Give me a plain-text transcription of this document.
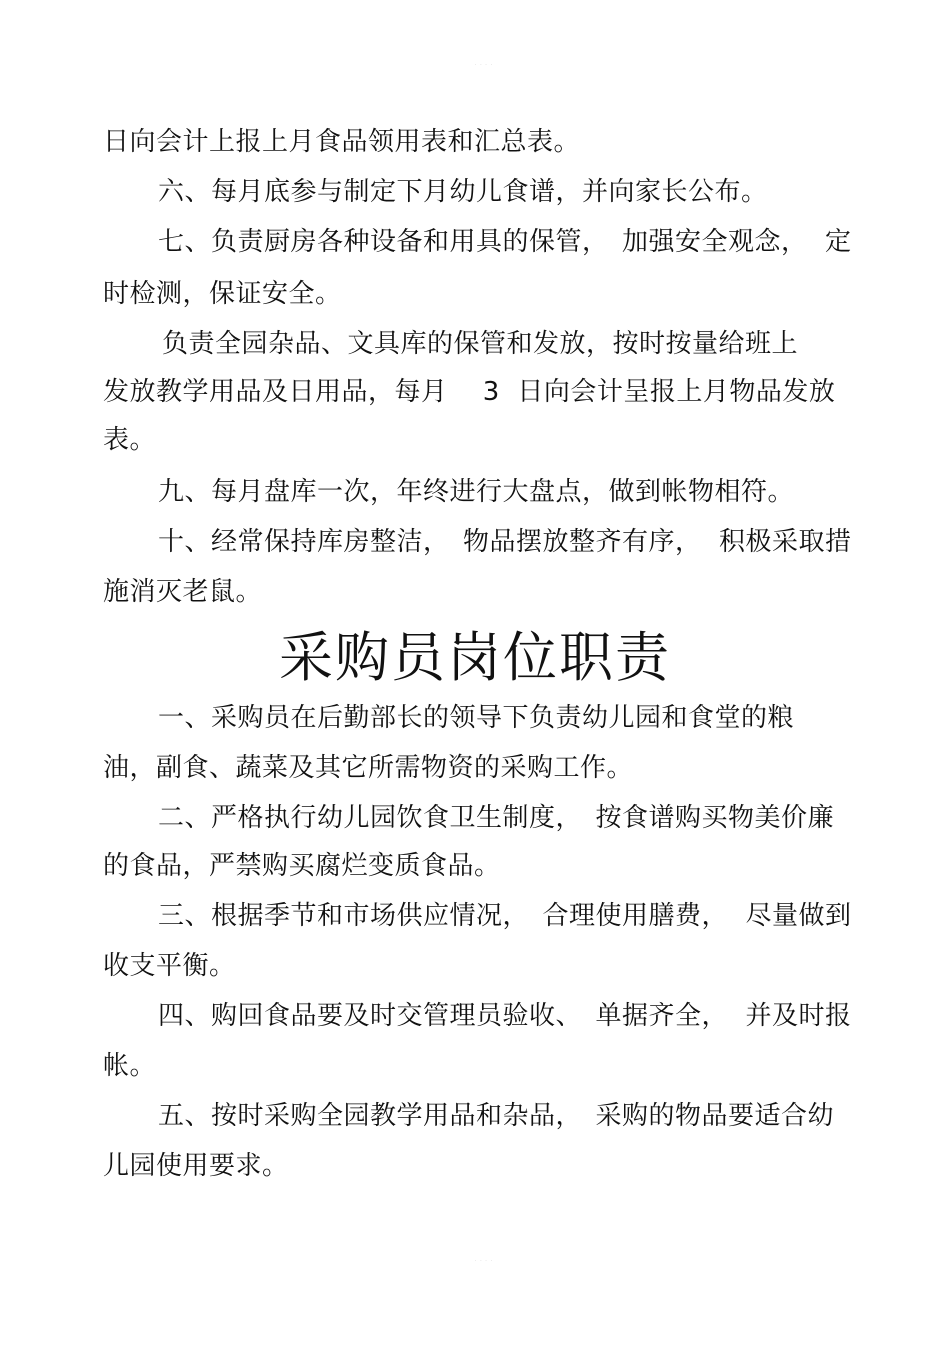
· · · ·
日向会计上报上月食品领用表和汇总表。
六、每月底参与制定下月幼儿食谱，并向家长公布。
七、负责厨房各种设备和用具的保管，　加强安全观念，  定
时检测，保证安全。
负责全园杂品、文具库的保管和发放，按时按量给班上
发放教学用品及日用品，每月　 3  日向会计呈报上月物品发放
表。
九、每月盘库一次，年终进行大盘点，做到帐物相符。
十、经常保持库房整洁，　物品摆放整齐有序，  积极采取措
施消灭老鼠。
采购员岗位职责
一、采购员在后勤部长的领导下负责幼儿园和食堂的粮
油，副食、蔬菜及其它所需物资的采购工作。
二、严格执行幼儿园饮食卫生制度，　按食谱购买物美价廉
的食品，严禁购买腐烂变质食品。
三、根据季节和市场供应情况，　合理使用膳费，  尽量做到
收支平衡。
四、购回食品要及时交管理员验收、　单据齐全，  并及时报
帐。
五、按时采购全园教学用品和杂品，　采购的物品要适合幼
儿园使用要求。
· · · ·
